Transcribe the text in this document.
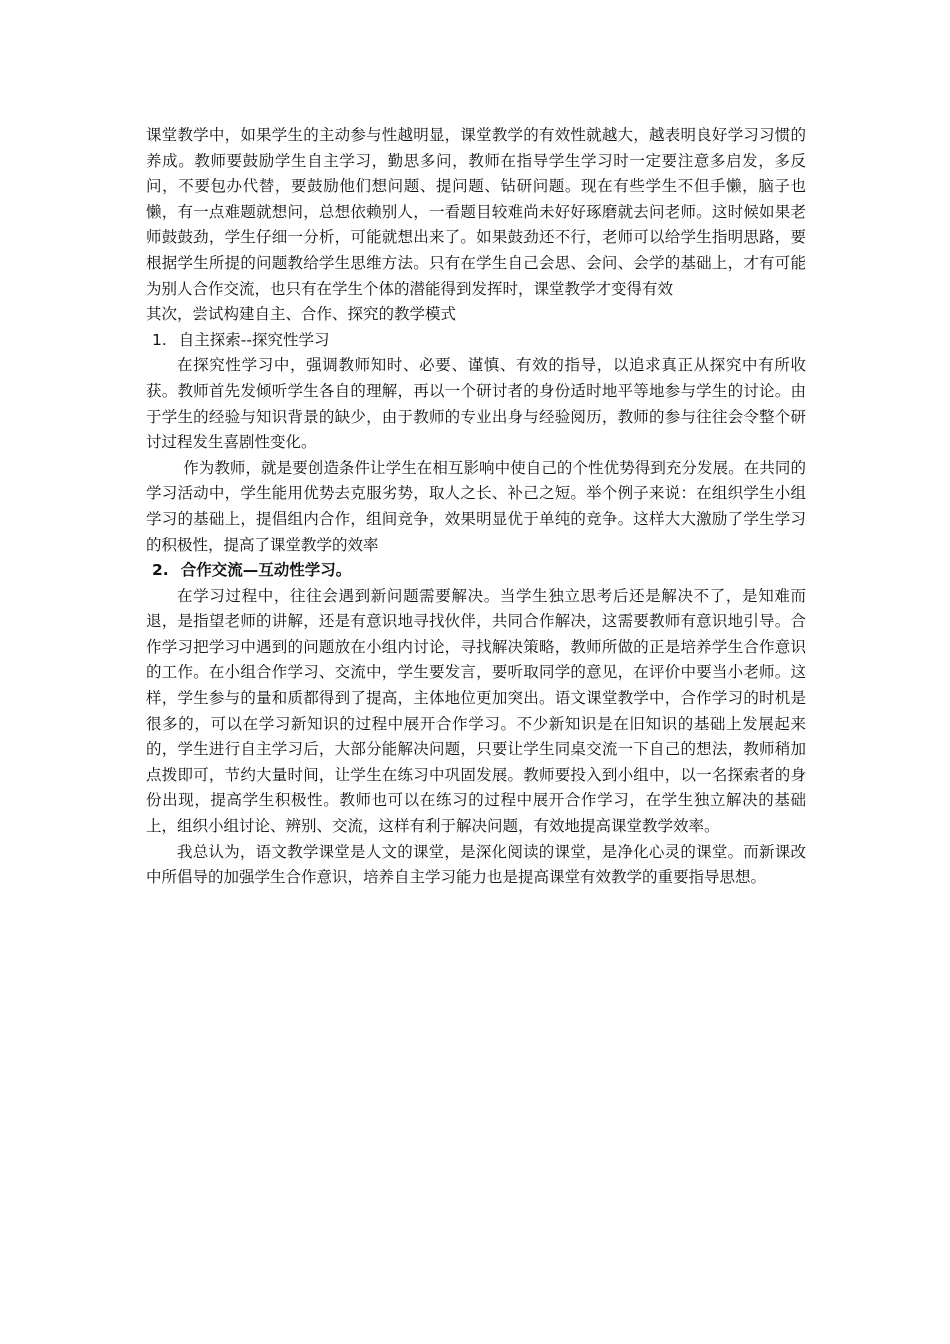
课堂教学中，如果学生的主动参与性越明显，课堂教学的有效性就越大，越表明良好学习习惯的养成。教师要鼓励学生自主学习，勤思多问，教师在指导学生学习时一定要注意多启发，多反问，不要包办代替，要鼓励他们想问题、提问题、钻研问题。现在有些学生不但手懒，脑子也懒，有一点难题就想问，总想依赖别人，一看题目较难尚未好好琢磨就去问老师。这时候如果老师鼓鼓劲，学生仔细一分析，可能就想出来了。如果鼓劲还不行，老师可以给学生指明思路，要根据学生所提的问题教给学生思维方法。只有在学生自己会思、会问、会学的基础上，才有可能为别人合作交流，也只有在学生个体的潜能得到发挥时，课堂教学才变得有效

其次，尝试构建自主、合作、探究的教学模式

1. 自主探索--探究性学习

在探究性学习中，强调教师知时、必要、谨慎、有效的指导，以追求真正从探究中有所收获。教师首先发倾听学生各自的理解，再以一个研讨者的身份适时地平等地参与学生的讨论。由于学生的经验与知识背景的缺少，由于教师的专业出身与经验阅历，教师的参与往往会令整个研讨过程发生喜剧性变化。

作为教师，就是要创造条件让学生在相互影响中使自己的个性优势得到充分发展。在共同的学习活动中，学生能用优势去克服劣势，取人之长、补己之短。举个例子来说：在组织学生小组学习的基础上，提倡组内合作，组间竞争，效果明显优于单纯的竞争。这样大大激励了学生学习的积极性，提高了课堂教学的效率

2. 合作交流—互动性学习。

在学习过程中，往往会遇到新问题需要解决。当学生独立思考后还是解决不了，是知难而退，是指望老师的讲解，还是有意识地寻找伙伴，共同合作解决，这需要教师有意识地引导。合作学习把学习中遇到的问题放在小组内讨论，寻找解决策略，教师所做的正是培养学生合作意识的工作。在小组合作学习、交流中，学生要发言，要听取同学的意见，在评价中要当小老师。这样，学生参与的量和质都得到了提高，主体地位更加突出。语文课堂教学中，合作学习的时机是很多的，可以在学习新知识的过程中展开合作学习。不少新知识是在旧知识的基础上发展起来的，学生进行自主学习后，大部分能解决问题，只要让学生同桌交流一下自己的想法，教师稍加点拨即可，节约大量时间，让学生在练习中巩固发展。教师要投入到小组中，以一名探索者的身份出现，提高学生积极性。教师也可以在练习的过程中展开合作学习，在学生独立解决的基础上，组织小组讨论、辨别、交流，这样有利于解决问题，有效地提高课堂教学效率。

我总认为，语文教学课堂是人文的课堂，是深化阅读的课堂，是净化心灵的课堂。而新课改中所倡导的加强学生合作意识，培养自主学习能力也是提高课堂有效教学的重要指导思想。
